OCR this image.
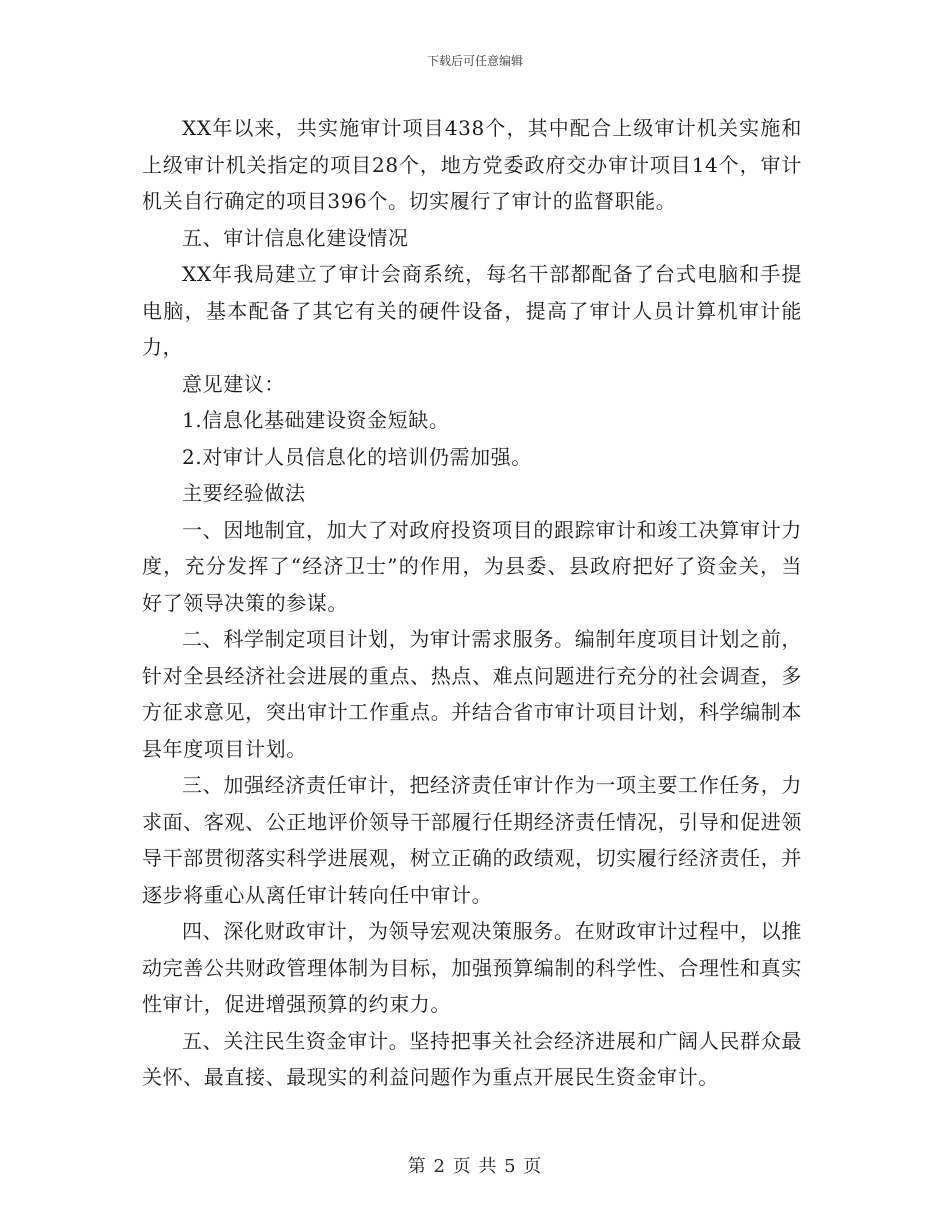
下载后可任意编辑

XX年以来，共实施审计项目438个，其中配合上级审计机关实施和上级审计机关指定的项目28个，地方党委政府交办审计项目14个，审计机关自行确定的项目396个。切实履行了审计的监督职能。

五、审计信息化建设情况

XX年我局建立了审计会商系统，每名干部都配备了台式电脑和手提电脑，基本配备了其它有关的硬件设备，提高了审计人员计算机审计能力，

意见建议：

1.信息化基础建设资金短缺。

2.对审计人员信息化的培训仍需加强。

主要经验做法

一、因地制宜，加大了对政府投资项目的跟踪审计和竣工决算审计力度，充分发挥了“经济卫士”的作用，为县委、县政府把好了资金关，当好了领导决策的参谋。

二、科学制定项目计划，为审计需求服务。编制年度项目计划之前，针对全县经济社会进展的重点、热点、难点问题进行充分的社会调查，多方征求意见，突出审计工作重点。并结合省市审计项目计划，科学编制本县年度项目计划。

三、加强经济责任审计，把经济责任审计作为一项主要工作任务，力求面、客观、公正地评价领导干部履行任期经济责任情况，引导和促进领导干部贯彻落实科学进展观，树立正确的政绩观，切实履行经济责任，并逐步将重心从离任审计转向任中审计。

四、深化财政审计，为领导宏观决策服务。在财政审计过程中，以推动完善公共财政管理体制为目标，加强预算编制的科学性、合理性和真实性审计，促进增强预算的约束力。

五、关注民生资金审计。坚持把事关社会经济进展和广阔人民群众最关怀、最直接、最现实的利益问题作为重点开展民生资金审计。

第 2 页 共 5 页
